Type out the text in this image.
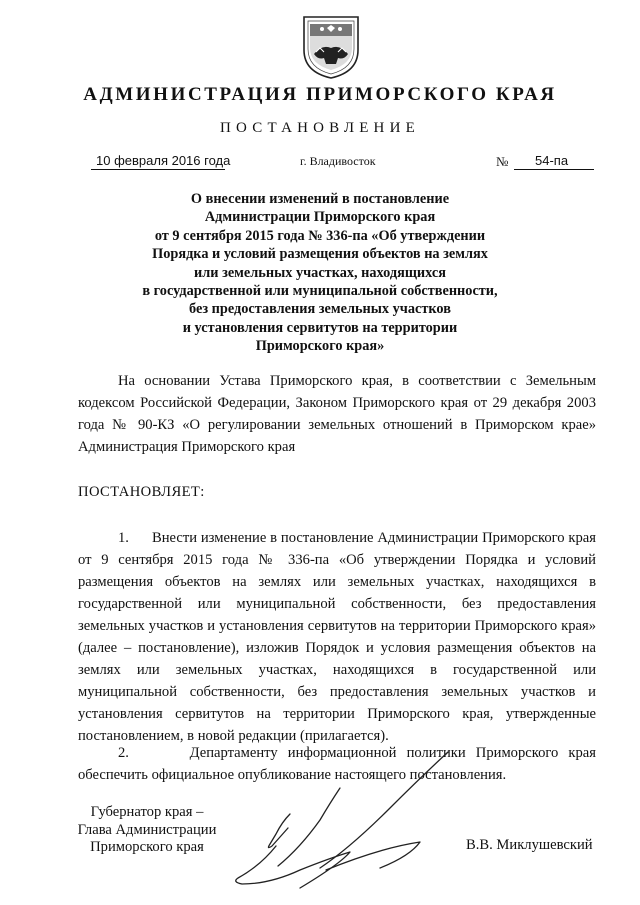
АДМИНИСТРАЦИЯ ПРИМОРСКОГО КРАЯ
ПОСТАНОВЛЕНИЕ
10 февраля 2016 года	г. Владивосток	№ 54-па
О внесении изменений в постановление
Администрации Приморского края
от 9 сентября 2015 года № 336-па «Об утверждении
Порядка и условий размещения объектов на землях
или земельных участках, находящихся
в государственной или муниципальной собственности,
без предоставления земельных участков
и установления сервитутов на территории
Приморского края»
На основании Устава Приморского края, в соответствии с Земельным кодексом Российской Федерации, Законом Приморского края от 29 декабря 2003 года № 90-КЗ «О регулировании земельных отношений в Приморском крае» Администрация Приморского края
ПОСТАНОВЛЯЕТ:
1. Внести изменение в постановление Администрации Приморского края от 9 сентября 2015 года № 336-па «Об утверждении Порядка и условий размещения объектов на землях или земельных участках, находящихся в государственной или муниципальной собственности, без предоставления земельных участков и установления сервитутов на территории Приморского края» (далее – постановление), изложив Порядок и условия размещения объектов на землях или земельных участках, находящихся в государственной или муниципальной собственности, без предоставления земельных участков и установления сервитутов на территории Приморского края, утвержденные постановлением, в новой редакции (прилагается).
2.	Департаменту информационной политики Приморского края обеспечить официальное опубликование настоящего постановления.
Губернатор края –
Глава Администрации
Приморского края	В.В. Миклушевский
